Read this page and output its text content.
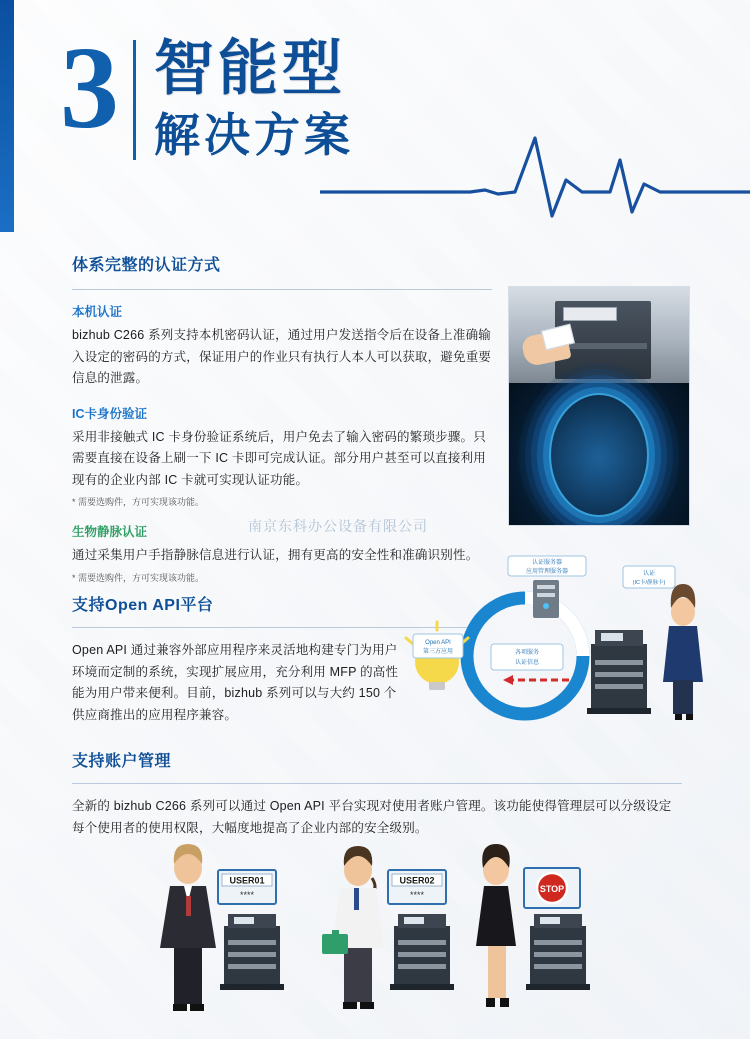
3 智能型
解决方案
体系完整的认证方式
本机认证
bizhub C266 系列支持本机密码认证，通过用户发送指令后在设备上准确输入设定的密码的方式，保证用户的作业只有执行人本人可以获取，避免重要信息的泄露。
IC卡身份验证
采用非接触式 IC 卡身份验证系统后，用户免去了输入密码的繁琐步骤。只需要直接在设备上刷一下 IC 卡即可完成认证。部分用户甚至可以直接利用现有的企业内部 IC 卡就可实现认证功能。
* 需要选购件，方可实现该功能。
生物静脉认证
通过采集用户手指静脉信息进行认证，拥有更高的安全性和准确识别性。
* 需要选购件，方可实现该功能。
南京东科办公设备有限公司
支持Open API平台
Open API 通过兼容外部应用程序来灵活地构建专门为用户环境而定制的系统，实现扩展应用，充分利用 MFP 的高性能为用户带来便利。目前，bizhub 系列可以与大约 150 个供应商推出的应用程序兼容。
各项服务
认证信息
Open API
第三方应用
认证服务器
应用管理服务器	认证
(IC卡/静脉卡)
支持账户管理
全新的 bizhub C266 系列可以通过 Open API 平台实现对使用者账户管理。该功能使得管理层可以分级设定每个使用者的使用权限，大幅度地提高了企业内部的安全级别。
USER01
****
USER02
****
STOP
